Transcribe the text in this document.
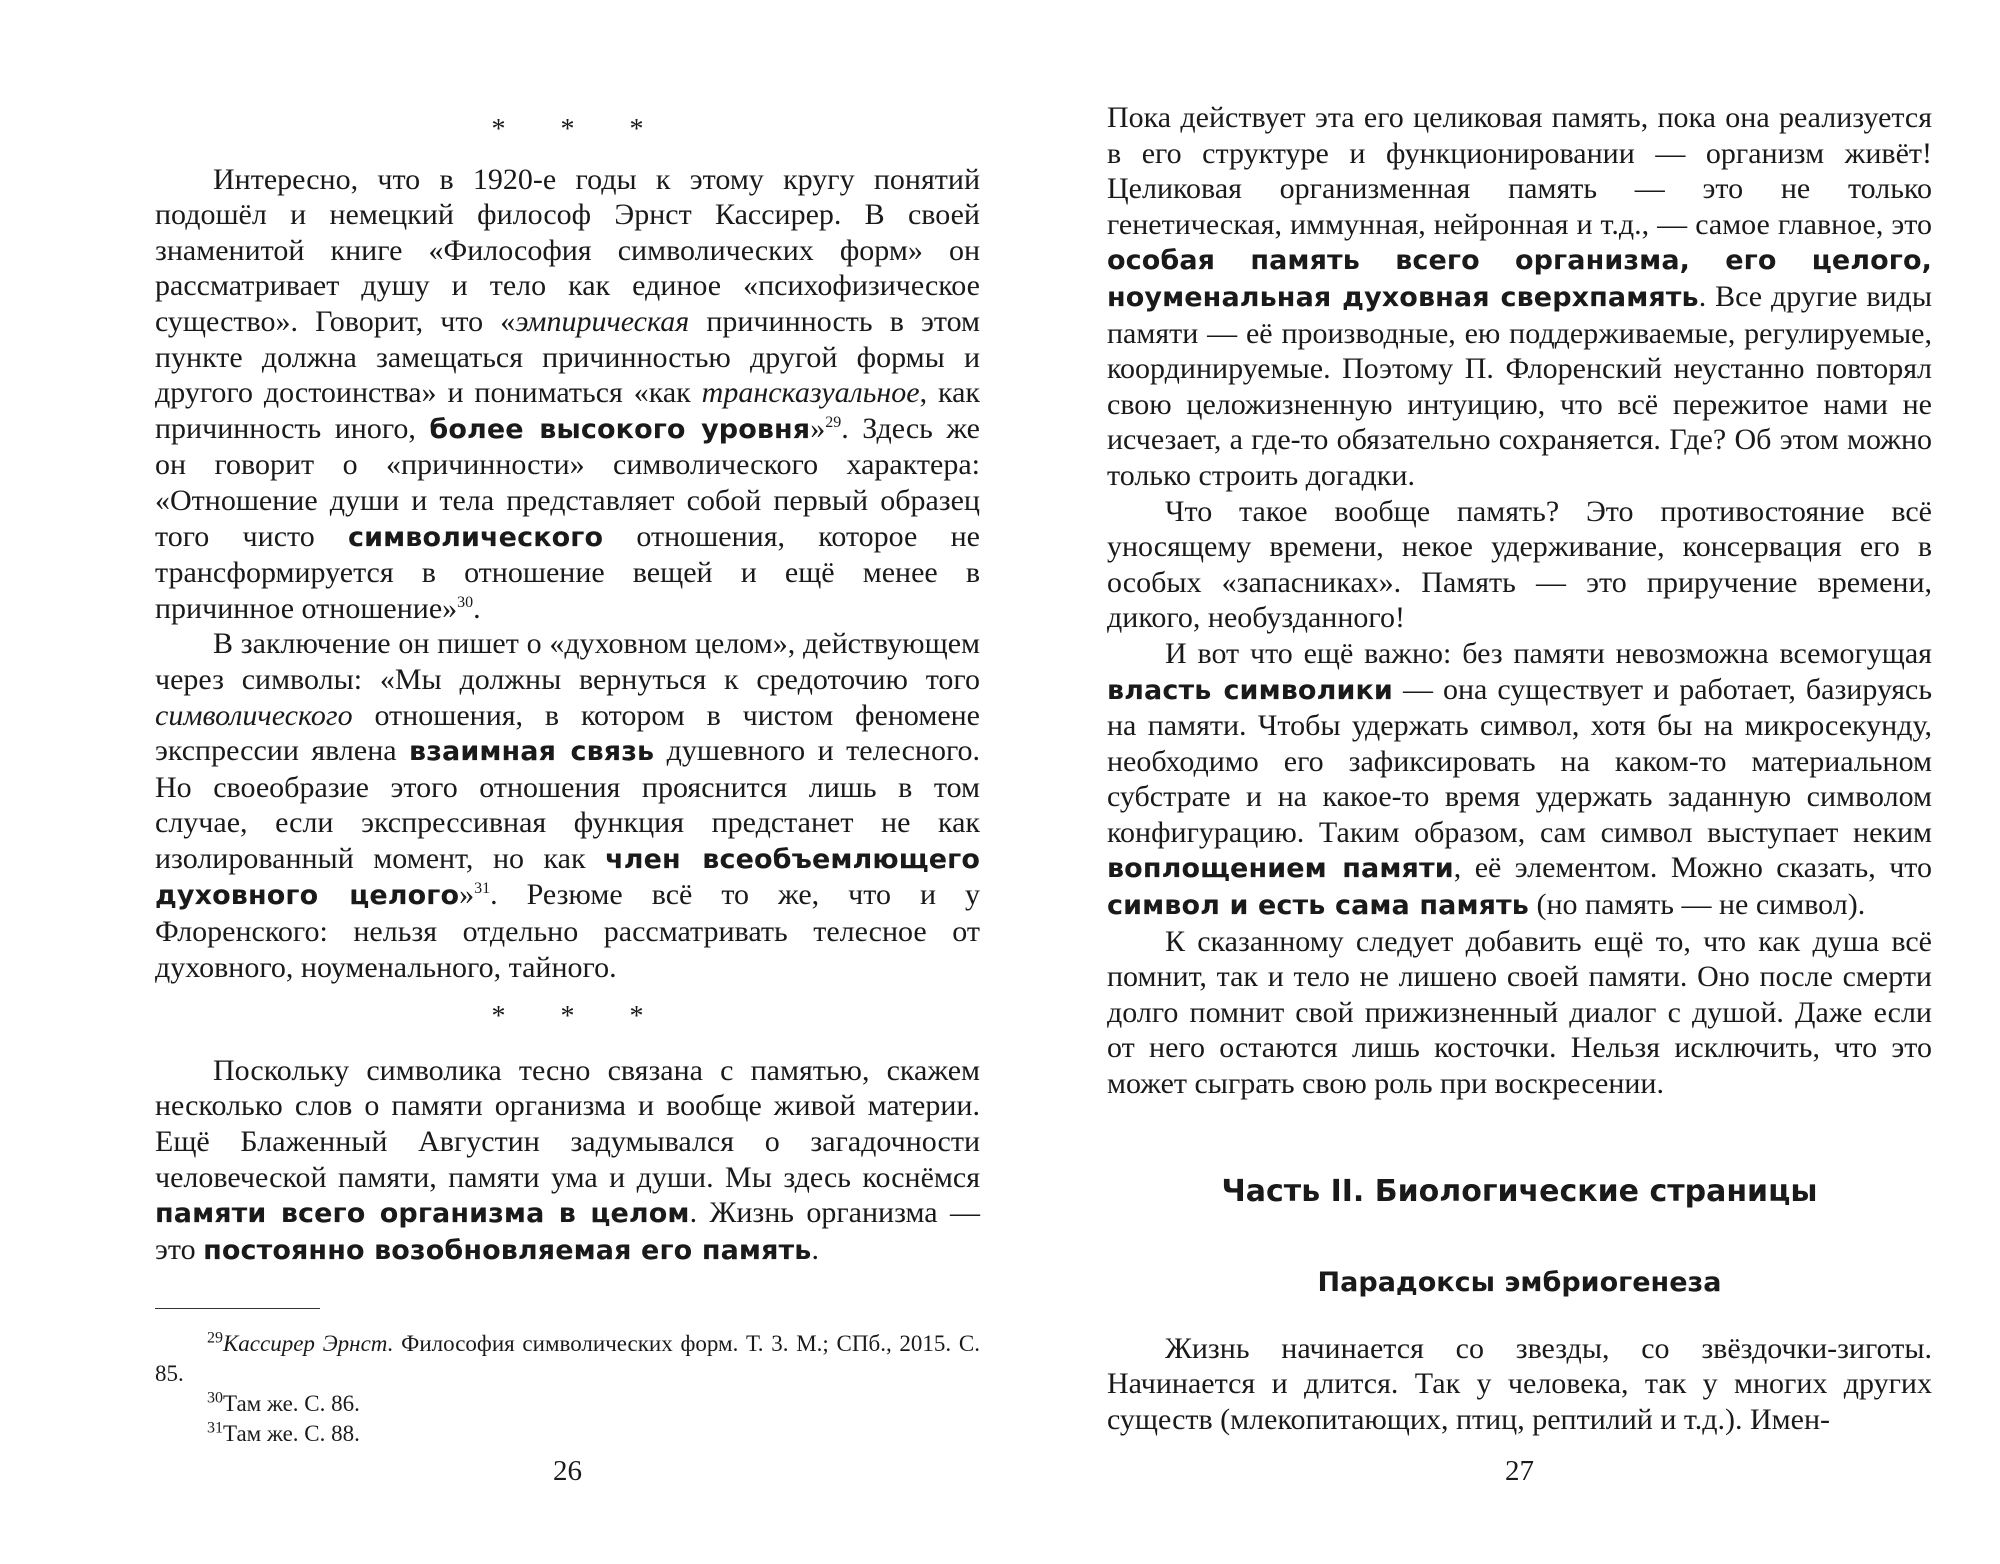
* * *

Интересно, что в 1920-е годы к этому кругу понятий подошёл и немецкий философ Эрнст Кассирер. В своей знаменитой книге «Философия символических форм» он рассматривает душу и тело как единое «психофизическое существо». Говорит, что «эмпирическая причинность в этом пункте должна замещаться причинностью другой формы и другого достоинства» и пониматься «как трансказуальное, как причинность иного, более высокого уровня»$^{29}$. Здесь же он говорит о «причинности» символического характера: «Отношение души и тела представляет собой первый образец того чисто символического отношения, которое не трансформируется в отношение вещей и ещё менее в причинное отношение»$^{30}$.

В заключение он пишет о «духовном целом», действующем через символы: «Мы должны вернуться к средоточию того символического отношения, в котором в чистом феномене экспрессии явлена взаимная связь душевного и телесного. Но своеобразие этого отношения прояснится лишь в том случае, если экспрессивная функция предстанет не как изолированный момент, но как член всеобъемлющего духовного целого»$^{31}$. Резюме всё то же, что и у Флоренского: нельзя отдельно рассматривать телесное от духовного, ноуменального, тайного.

* * *

Поскольку символика тесно связана с памятью, скажем несколько слов о памяти организма и вообще живой материи. Ещё Блаженный Августин задумывался о загадочности человеческой памяти, памяти ума и души. Мы здесь коснёмся памяти всего организма в целом. Жизнь организма — это постоянно возобновляемая его память.

$^{29}$Кассирер Эрнст. Философия символических форм. Т. 3. М.; СПб., 2015. С. 85.

$^{30}$Там же. С. 86.

$^{31}$Там же. С. 88.

26

Пока действует эта его целиковая память, пока она реализуется в его структуре и функционировании — организм живёт! Целиковая организменная память — это не только генетическая, иммунная, нейронная и т.д., — самое главное, это особая память всего организма, его целого, ноуменальная духовная сверхпамять. Все другие виды памяти — её производные, ею поддерживаемые, регулируемые, координируемые. Поэтому П. Флоренский неустанно повторял свою целожизненную интуицию, что всё пережитое нами не исчезает, а где-то обязательно сохраняется. Где? Об этом можно только строить догадки.

Что такое вообще память? Это противостояние всё уносящему времени, некое удерживание, консервация его в особых «запасниках». Память — это приручение времени, дикого, необузданного!

И вот что ещё важно: без памяти невозможна всемогущая власть символики — она существует и работает, базируясь на памяти. Чтобы удержать символ, хотя бы на микросекунду, необходимо его зафиксировать на каком-то материальном субстрате и на какое-то время удержать заданную символом конфигурацию. Таким образом, сам символ выступает неким воплощением памяти, её элементом. Можно сказать, что символ и есть сама память (но память — не символ).

К сказанному следует добавить ещё то, что как душа всё помнит, так и тело не лишено своей памяти. Оно после смерти долго помнит свой прижизненный диалог с душой. Даже если от него остаются лишь косточки. Нельзя исключить, что это может сыграть свою роль при воскресении.

Часть II. Биологические страницы
Парадоксы эмбриогенеза

Жизнь начинается со звезды, со звёздочки-зиготы. Начинается и длится. Так у человека, так у многих других существ (млекопитающих, птиц, рептилий и т.д.). Имен-

27
